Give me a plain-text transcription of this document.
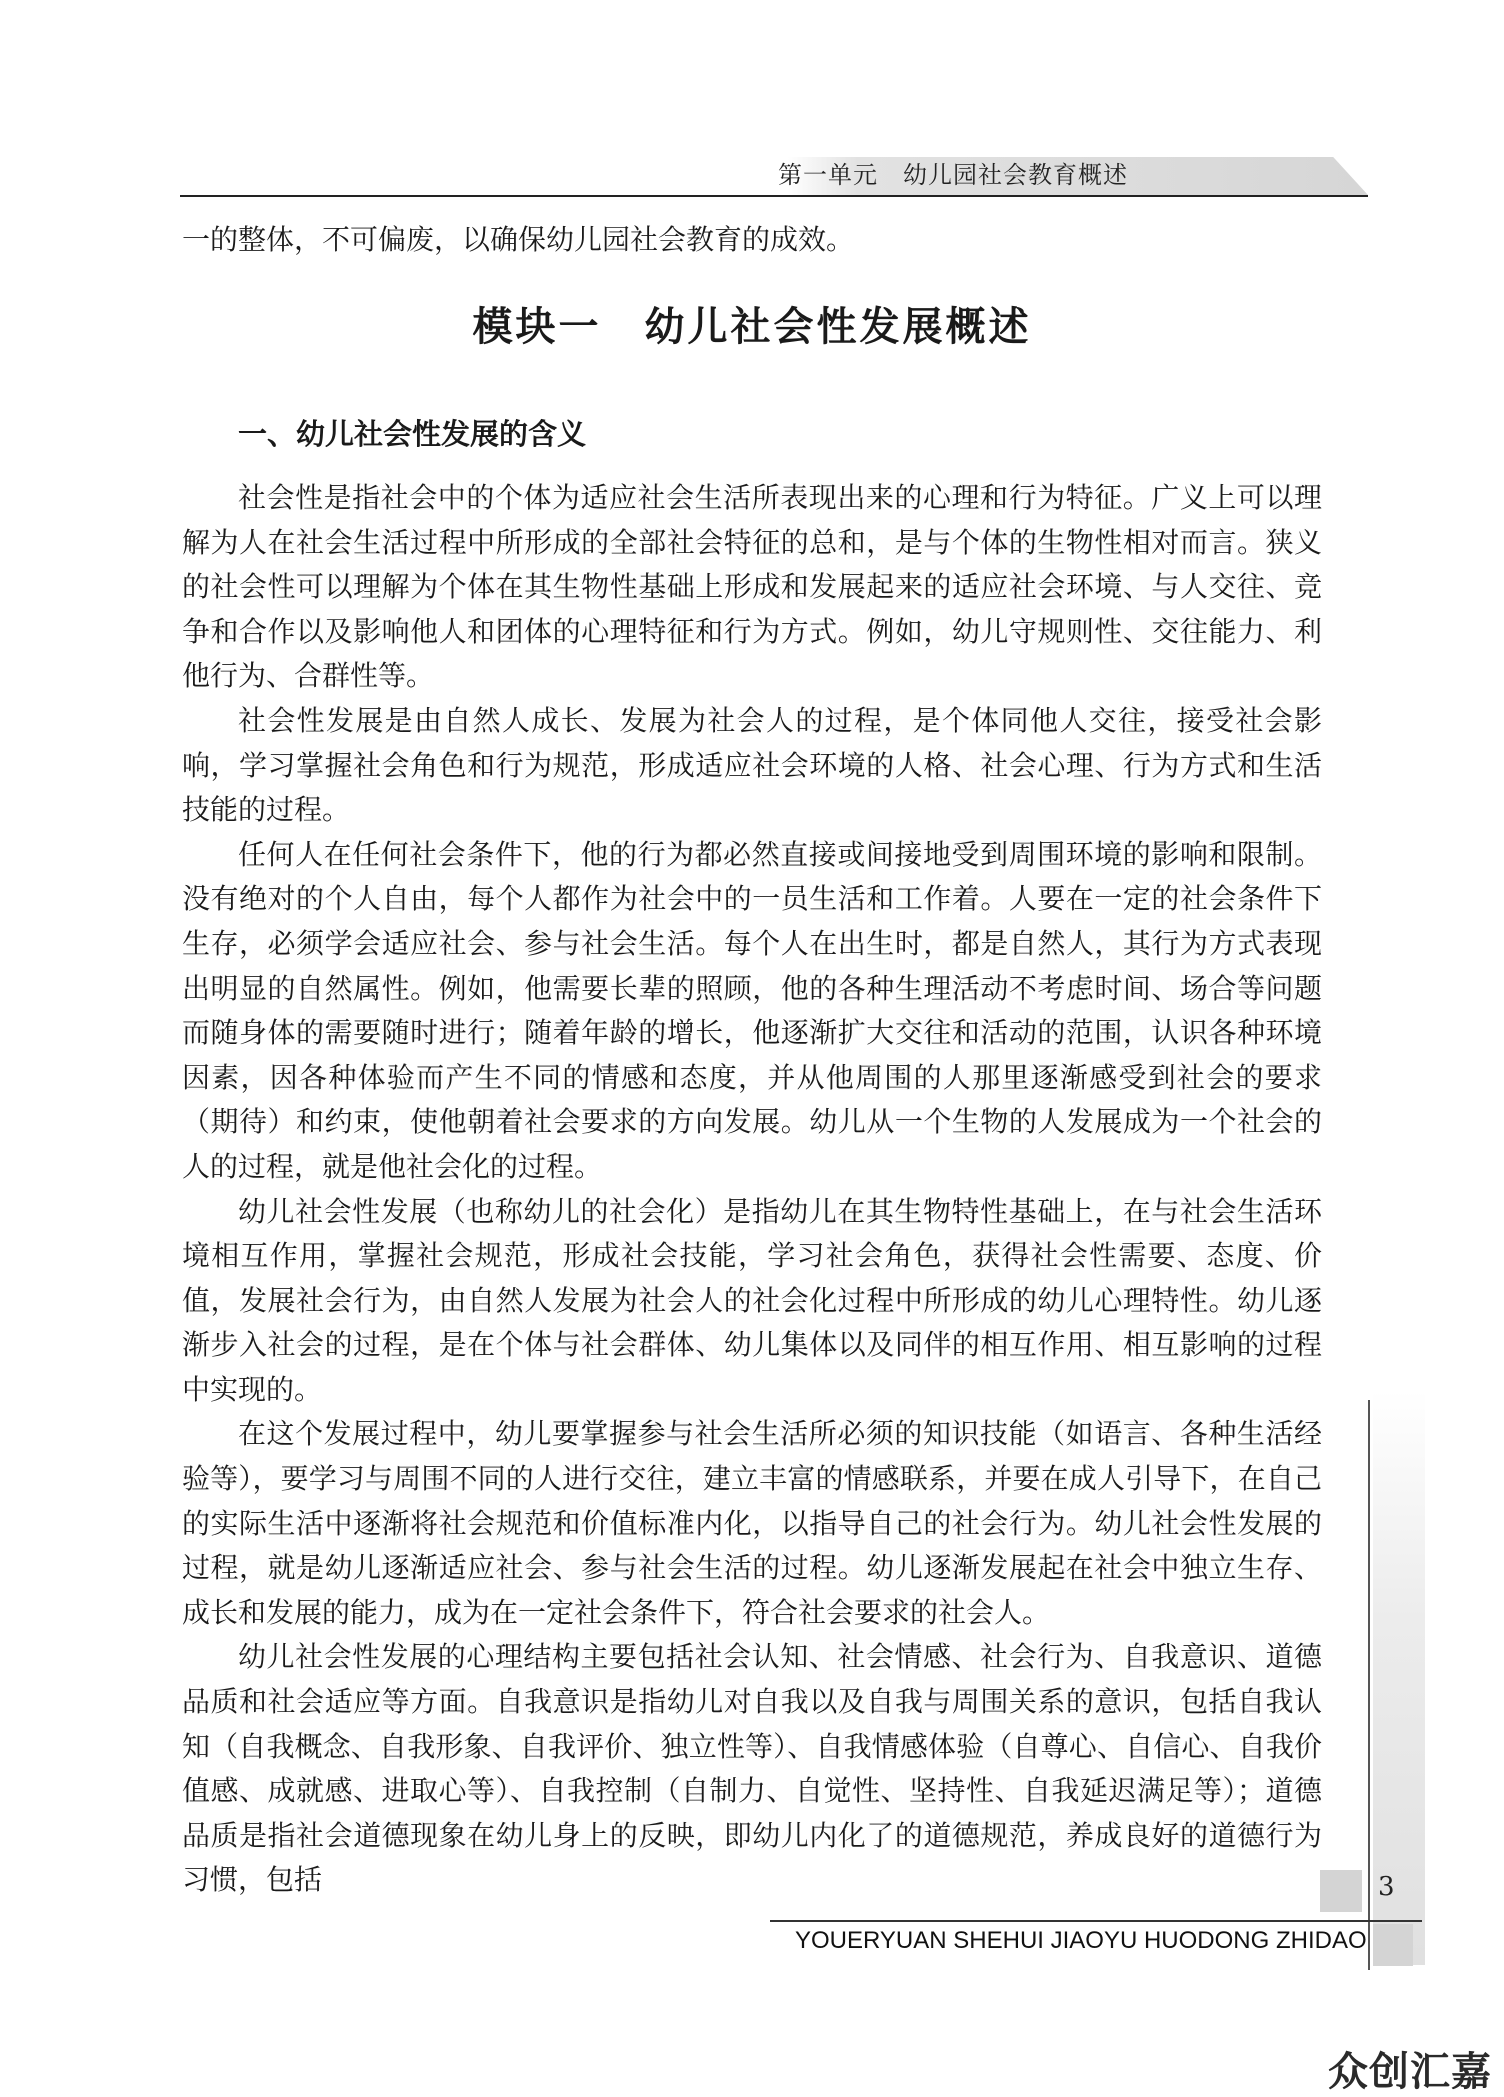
第一单元　幼儿园社会教育概述

一的整体，不可偏废，以确保幼儿园社会教育的成效。

模块一　幼儿社会性发展概述
一、幼儿社会性发展的含义

社会性是指社会中的个体为适应社会生活所表现出来的心理和行为特征。广义上可以理解为人在社会生活过程中所形成的全部社会特征的总和，是与个体的生物性相对而言。狭义的社会性可以理解为个体在其生物性基础上形成和发展起来的适应社会环境、与人交往、竞争和合作以及影响他人和团体的心理特征和行为方式。例如，幼儿守规则性、交往能力、利他行为、合群性等。

社会性发展是由自然人成长、发展为社会人的过程，是个体同他人交往，接受社会影响，学习掌握社会角色和行为规范，形成适应社会环境的人格、社会心理、行为方式和生活技能的过程。

任何人在任何社会条件下，他的行为都必然直接或间接地受到周围环境的影响和限制。没有绝对的个人自由，每个人都作为社会中的一员生活和工作着。人要在一定的社会条件下生存，必须学会适应社会、参与社会生活。每个人在出生时，都是自然人，其行为方式表现出明显的自然属性。例如，他需要长辈的照顾，他的各种生理活动不考虑时间、场合等问题而随身体的需要随时进行；随着年龄的增长，他逐渐扩大交往和活动的范围，认识各种环境因素，因各种体验而产生不同的情感和态度，并从他周围的人那里逐渐感受到社会的要求（期待）和约束，使他朝着社会要求的方向发展。幼儿从一个生物的人发展成为一个社会的人的过程，就是他社会化的过程。

幼儿社会性发展（也称幼儿的社会化）是指幼儿在其生物特性基础上，在与社会生活环境相互作用，掌握社会规范，形成社会技能，学习社会角色，获得社会性需要、态度、价值，发展社会行为，由自然人发展为社会人的社会化过程中所形成的幼儿心理特性。幼儿逐渐步入社会的过程，是在个体与社会群体、幼儿集体以及同伴的相互作用、相互影响的过程中实现的。

在这个发展过程中，幼儿要掌握参与社会生活所必须的知识技能（如语言、各种生活经验等），要学习与周围不同的人进行交往，建立丰富的情感联系，并要在成人引导下，在自己的实际生活中逐渐将社会规范和价值标准内化，以指导自己的社会行为。幼儿社会性发展的过程，就是幼儿逐渐适应社会、参与社会生活的过程。幼儿逐渐发展起在社会中独立生存、成长和发展的能力，成为在一定社会条件下，符合社会要求的社会人。

幼儿社会性发展的心理结构主要包括社会认知、社会情感、社会行为、自我意识、道德品质和社会适应等方面。自我意识是指幼儿对自我以及自我与周围关系的意识，包括自我认知（自我概念、自我形象、自我评价、独立性等）、自我情感体验（自尊心、自信心、自我价值感、成就感、进取心等）、自我控制（自制力、自觉性、坚持性、自我延迟满足等）；道德品质是指社会道德现象在幼儿身上的反映，即幼儿内化了的道德规范，养成良好的道德行为习惯，包括	3
YOUERYUAN SHEHUI JIAOYU HUODONG ZHIDAO
众创汇嘉
